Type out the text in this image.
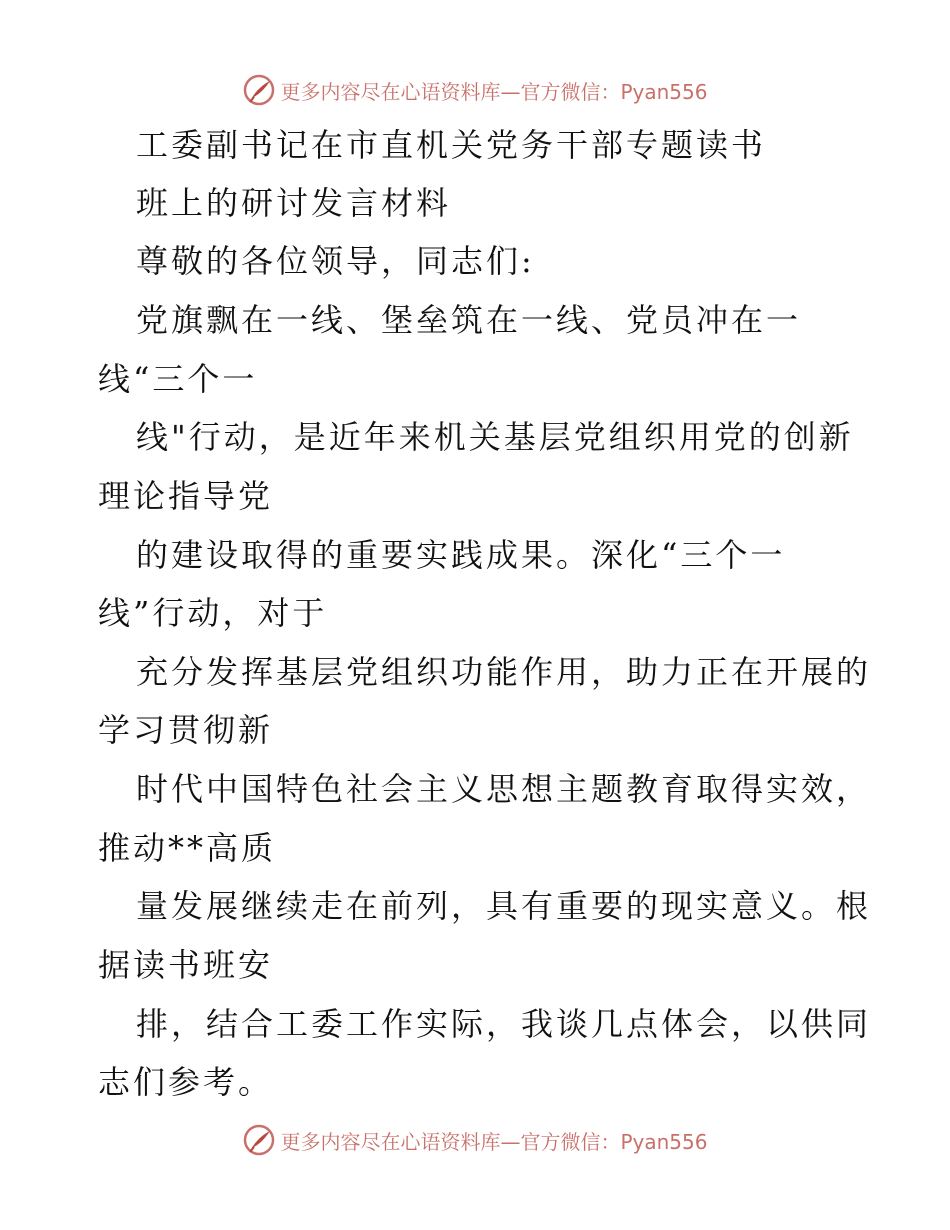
更多内容尽在心语资料库—官方微信：Pyan556
工委副书记在市直机关党务干部专题读书
班上的研讨发言材料
尊敬的各位领导，同志们:
党旗飘在一线、堡垒筑在一线、党员冲在一
线“三个一
线"行动，是近年来机关基层党组织用党的创新
理论指导党
的建设取得的重要实践成果。深化“三个一
线”行动，对于
充分发挥基层党组织功能作用，助力正在开展的
学习贯彻新
时代中国特色社会主义思想主题教育取得实效，
推动**高质
量发展继续走在前列，具有重要的现实意义。根
据读书班安
排，结合工委工作实际，我谈几点体会，以供同
志们参考。
更多内容尽在心语资料库—官方微信：Pyan556
